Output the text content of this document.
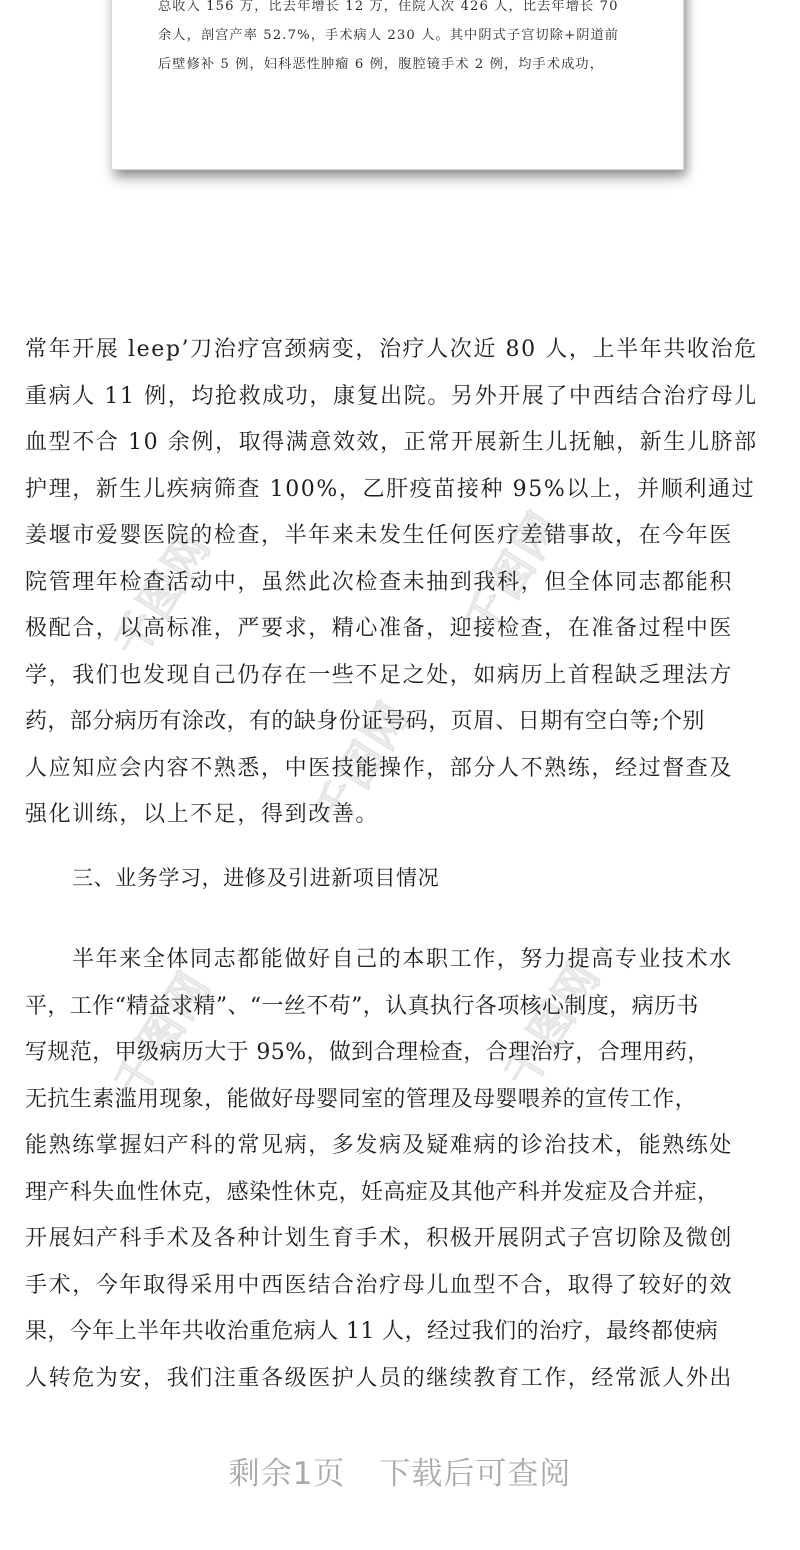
总收入 156 万，比去年增长 12 万，住院人次 426 人，比去年增长 70
余人，剖宫产率 52.7%，手术病人 230 人。其中阴式子宫切除+阴道前
后壁修补 5 例，妇科恶性肿瘤 6 例，腹腔镜手术 2 例，均手术成功，
千图网	千图网
千图网
千图网	千图网
常年开展 leep’刀治疗宫颈病变，治疗人次近 80 人，上半年共收治危
重病人 11 例，均抢救成功，康复出院。另外开展了中西结合治疗母儿
血型不合 10 余例，取得满意效效，正常开展新生儿抚触，新生儿脐部
护理，新生儿疾病筛查 100%，乙肝疫苗接种 95%以上，并顺利通过
姜堰市爱婴医院的检查，半年来未发生任何医疗差错事故，在今年医
院管理年检查活动中，虽然此次检查未抽到我科，但全体同志都能积
极配合，以高标准，严要求，精心准备，迎接检查，在准备过程中医
学，我们也发现自己仍存在一些不足之处，如病历上首程缺乏理法方
药，部分病历有涂改，有的缺身份证号码，页眉、日期有空白等;个别
人应知应会内容不熟悉，中医技能操作，部分人不熟练，经过督查及
强化训练，以上不足，得到改善。
三、业务学习，进修及引进新项目情况
半年来全体同志都能做好自己的本职工作，努力提高专业技术水
平，工作“精益求精”、“一丝不苟”，认真执行各项核心制度，病历书
写规范，甲级病历大于 95%，做到合理检查，合理治疗，合理用药，
无抗生素滥用现象，能做好母婴同室的管理及母婴喂养的宣传工作，
能熟练掌握妇产科的常见病，多发病及疑难病的诊治技术，能熟练处
理产科失血性休克，感染性休克，妊高症及其他产科并发症及合并症，
开展妇产科手术及各种计划生育手术，积极开展阴式子宫切除及微创
手术，今年取得采用中西医结合治疗母儿血型不合，取得了较好的效
果，今年上半年共收治重危病人 11 人，经过我们的治疗，最终都使病
人转危为安，我们注重各级医护人员的继续教育工作，经常派人外出
剩余1页 下载后可查阅
